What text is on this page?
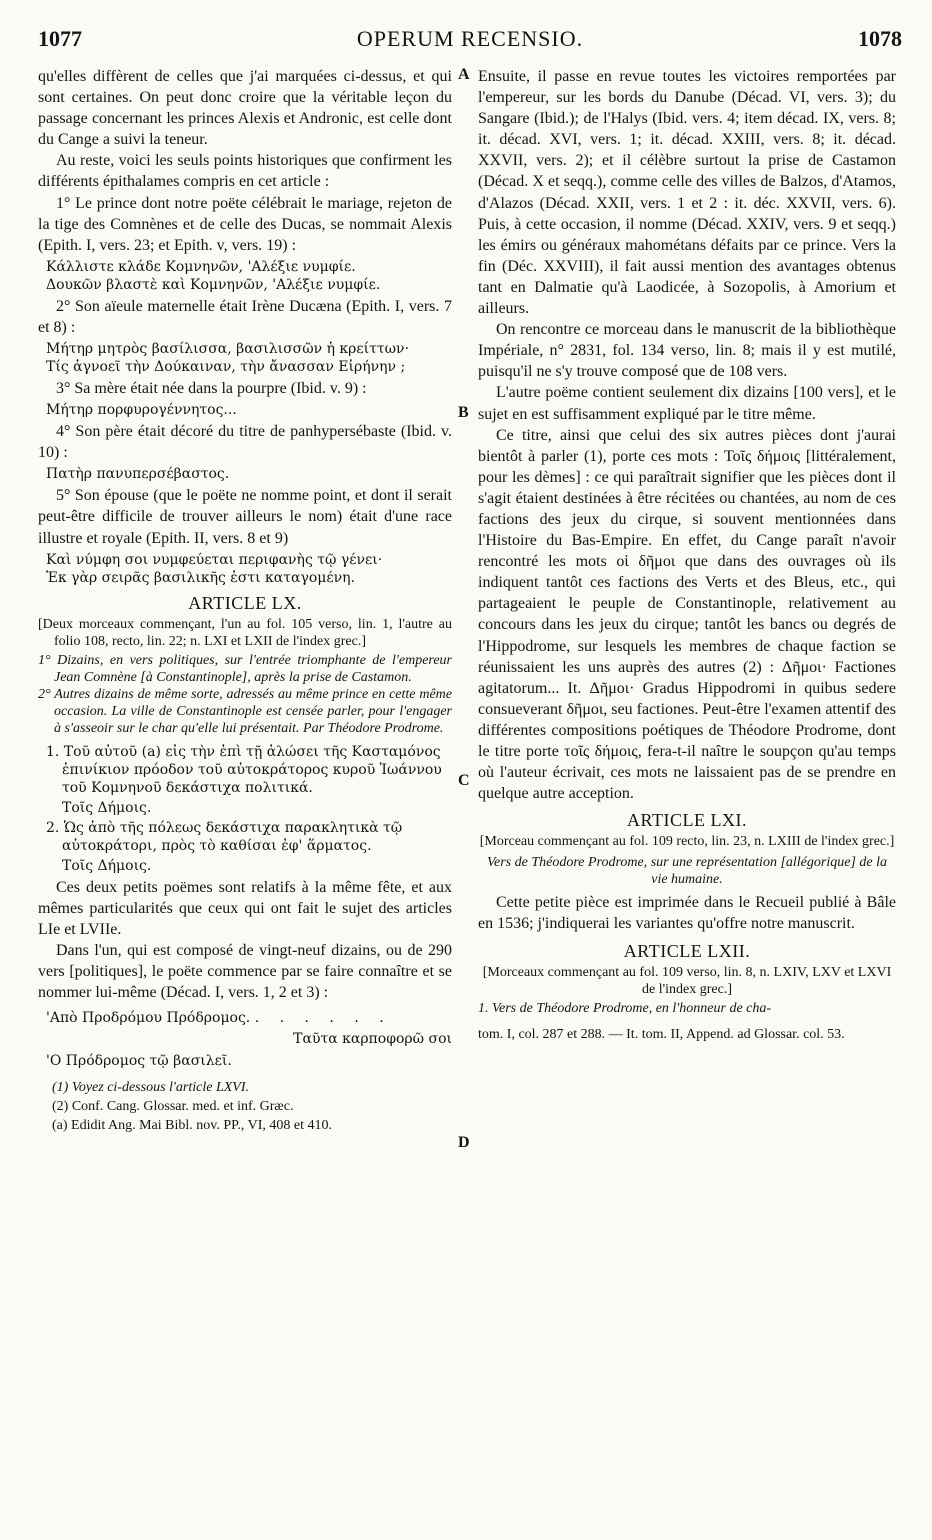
1077	OPERUM RECENSIO.	1078
A
B
C
D

qu'elles diffèrent de celles que j'ai marquées ci-dessus, et qui sont certaines. On peut donc croire que la véritable leçon du passage concernant les princes Alexis et Andronic, est celle dont du Cange a suivi la teneur.

Au reste, voici les seuls points historiques que confirment les différents épithalames compris en cet article :

1° Le prince dont notre poëte célébrait le mariage, rejeton de la tige des Comnènes et de celle des Ducas, se nommait Alexis (Epith. I, vers. 23; et Epith. v, vers. 19) :

Κάλλιστε κλάδε Κομνηνῶν, 'Αλέξιε νυμφίε.

Δουκῶν βλαστὲ καὶ Κομνηνῶν, 'Αλέξιε νυμφίε.

2° Son aïeule maternelle était Irène Ducæna (Epith. I, vers. 7 et 8) :

Μήτηρ μητρὸς βασίλισσα, βασιλισσῶν ἡ κρείττων·

Τίς ἀγνοεῖ τὴν Δούκαιναν, τὴν ἄνασσαν Εἰρήνην ;

3° Sa mère était née dans la pourpre (Ibid. v. 9) :

Μήτηρ πορφυρογέννητος...

4° Son père était décoré du titre de panhypersébaste (Ibid. v. 10) :

Πατὴρ πανυπερσέβαστος.

5° Son épouse (que le poëte ne nomme point, et dont il serait peut-être difficile de trouver ailleurs le nom) était d'une race illustre et royale (Epith. II, vers. 8 et 9)

Καὶ νύμφη σοι νυμφεύεται περιφανὴς τῷ γένει·

Ἐκ γὰρ σειρᾶς βασιλικῆς ἐστι καταγομένη.

ARTICLE LX.

[Deux morceaux commençant, l'un au fol. 105 verso, lin. 1, l'autre au folio 108, recto, lin. 22; n. LXI et LXII de l'index grec.]

1° Dizains, en vers politiques, sur l'entrée triomphante de l'empereur Jean Comnène [à Constantinople], après la prise de Castamon.

2° Autres dizains de même sorte, adressés au même prince en cette même occasion. La ville de Constantinople est censée parler, pour l'engager à s'asseoir sur le char qu'elle lui présentait. Par Théodore Prodrome.

1. Τοῦ αὐτοῦ (a) εἰς τὴν ἐπὶ τῇ ἁλώσει τῆς Κασταμόνος ἐπινίκιον πρόοδον τοῦ αὐτοκράτορος κυροῦ Ἰωάννου τοῦ Κομνηνοῦ δεκάστιχα πολιτικά.

Τοῖς Δήμοις.

2. Ὡς ἀπὸ τῆς πόλεως δεκάστιχα παρακλητικὰ τῷ αὐτοκράτορι, πρὸς τὸ καθίσαι ἐφ' ἅρματος.

Τοῖς Δήμοις.

Ces deux petits poëmes sont relatifs à la même fête, et aux mêmes particularités que ceux qui ont fait le sujet des articles LIe et LVIIe.

Dans l'un, qui est composé de vingt-neuf dizains, ou de 290 vers [politiques], le poëte commence par se faire connaître et se nommer lui-même (Décad. I, vers. 1, 2 et 3) :

'Απὸ Προδρόμου Πρόδρομος. . . . . . .

Ταῦτα καρποφορῶ σοι

'Ο Πρόδρομος τῷ βασιλεῖ.

(1) Voyez ci-dessous l'article LXVI.

(2) Conf. Cang. Glossar. med. et inf. Græc.

(a) Edidit Ang. Mai Bibl. nov. PP., VI, 408 et 410.

Ensuite, il passe en revue toutes les victoires remportées par l'empereur, sur les bords du Danube (Décad. VI, vers. 3); du Sangare (Ibid.); de l'Halys (Ibid. vers. 4; item décad. IX, vers. 8; it. décad. XVI, vers. 1; it. décad. XXIII, vers. 8; it. décad. XXVII, vers. 2); et il célèbre surtout la prise de Castamon (Décad. X et seqq.), comme celle des villes de Balzos, d'Atamos, d'Alazos (Décad. XXII, vers. 1 et 2 : it. déc. XXVII, vers. 6). Puis, à cette occasion, il nomme (Décad. XXIV, vers. 9 et seqq.) les émirs ou généraux mahométans défaits par ce prince. Vers la fin (Déc. XXVIII), il fait aussi mention des avantages obtenus tant en Dalmatie qu'à Laodicée, à Sozopolis, à Amorium et ailleurs.

On rencontre ce morceau dans le manuscrit de la bibliothèque Impériale, n° 2831, fol. 134 verso, lin. 8; mais il y est mutilé, puisqu'il ne s'y trouve composé que de 108 vers.

L'autre poëme contient seulement dix dizains [100 vers], et le sujet en est suffisamment expliqué par le titre même.

Ce titre, ainsi que celui des six autres pièces dont j'aurai bientôt à parler (1), porte ces mots : Τοῖς δήμοις [littéralement, pour les dèmes] : ce qui paraîtrait signifier que les pièces dont il s'agit étaient destinées à être récitées ou chantées, au nom de ces factions des jeux du cirque, si souvent mentionnées dans l'Histoire du Bas-Empire. En effet, du Cange paraît n'avoir rencontré les mots οἱ δῆμοι que dans des ouvrages où ils indiquent tantôt ces factions des Verts et des Bleus, etc., qui partageaient le peuple de Constantinople, relativement au concours dans les jeux du cirque; tantôt les bancs ou degrés de l'Hippodrome, sur lesquels les membres de chaque faction se réunissaient les uns auprès des autres (2) : Δῆμοι· Factiones agitatorum... It. Δῆμοι· Gradus Hippodromi in quibus sedere consueverant δῆμοι, seu factiones. Peut-être l'examen attentif des différentes compositions poétiques de Théodore Prodrome, dont le titre porte τοῖς δήμοις, fera-t-il naître le soupçon qu'au temps où l'auteur écrivait, ces mots ne laissaient pas de se prendre en quelque autre acception.

ARTICLE LXI.

[Morceau commençant au fol. 109 recto, lin. 23, n. LXIII de l'index grec.]

Vers de Théodore Prodrome, sur une représentation [allégorique] de la vie humaine.

Cette petite pièce est imprimée dans le Recueil publié à Bâle en 1536; j'indiquerai les variantes qu'offre notre manuscrit.

ARTICLE LXII.

[Morceaux commençant au fol. 109 verso, lin. 8, n. LXIV, LXV et LXVI de l'index grec.]

1. Vers de Théodore Prodrome, en l'honneur de cha-

tom. I, col. 287 et 288. — It. tom. II, Append. ad Glossar. col. 53.
